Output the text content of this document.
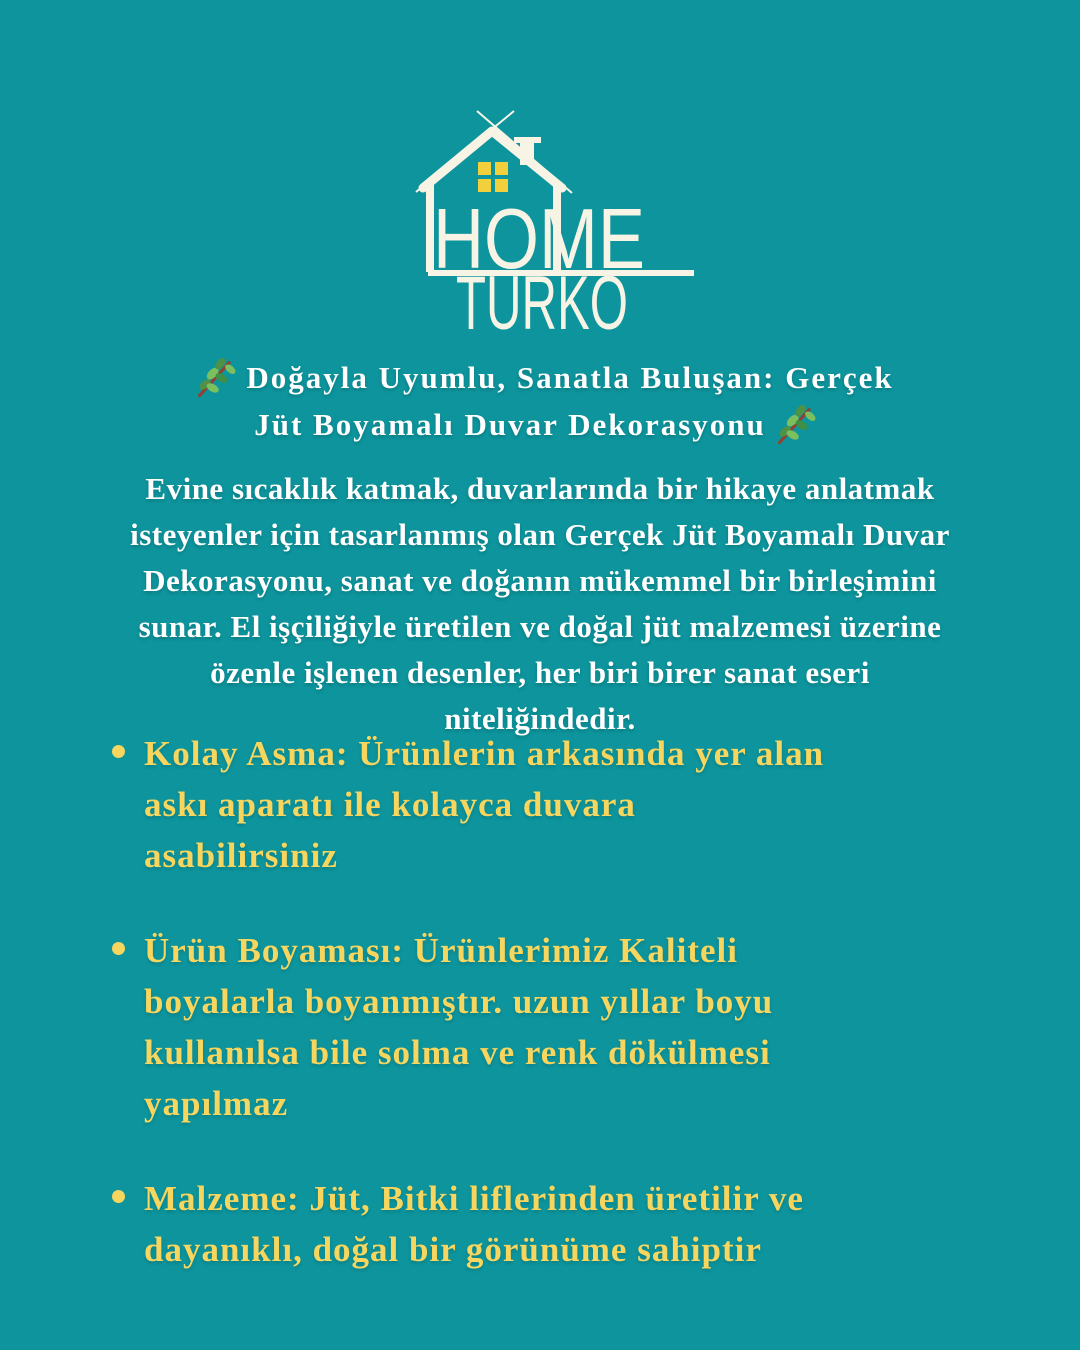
HOME
TURKO
Doğayla Uyumlu, Sanatla Buluşan: Gerçek
Jüt Boyamalı Duvar Dekorasyonu
Evine sıcaklık katmak, duvarlarında bir hikaye anlatmak
isteyenler için tasarlanmış olan Gerçek Jüt Boyamalı Duvar
Dekorasyonu, sanat ve doğanın mükemmel bir birleşimini
sunar. El işçiliğiyle üretilen ve doğal jüt malzemesi üzerine
özenle işlenen desenler, her biri birer sanat eseri
niteliğindedir.
Kolay Asma: Ürünlerin arkasında yer alan
askı aparatı ile kolayca duvara
asabilirsiniz
Ürün Boyaması: Ürünlerimiz Kaliteli
boyalarla boyanmıştır. uzun yıllar boyu
kullanılsa bile solma ve renk dökülmesi
yapılmaz
Malzeme: Jüt, Bitki liflerinden üretilir ve
dayanıklı, doğal bir görünüme sahiptir
